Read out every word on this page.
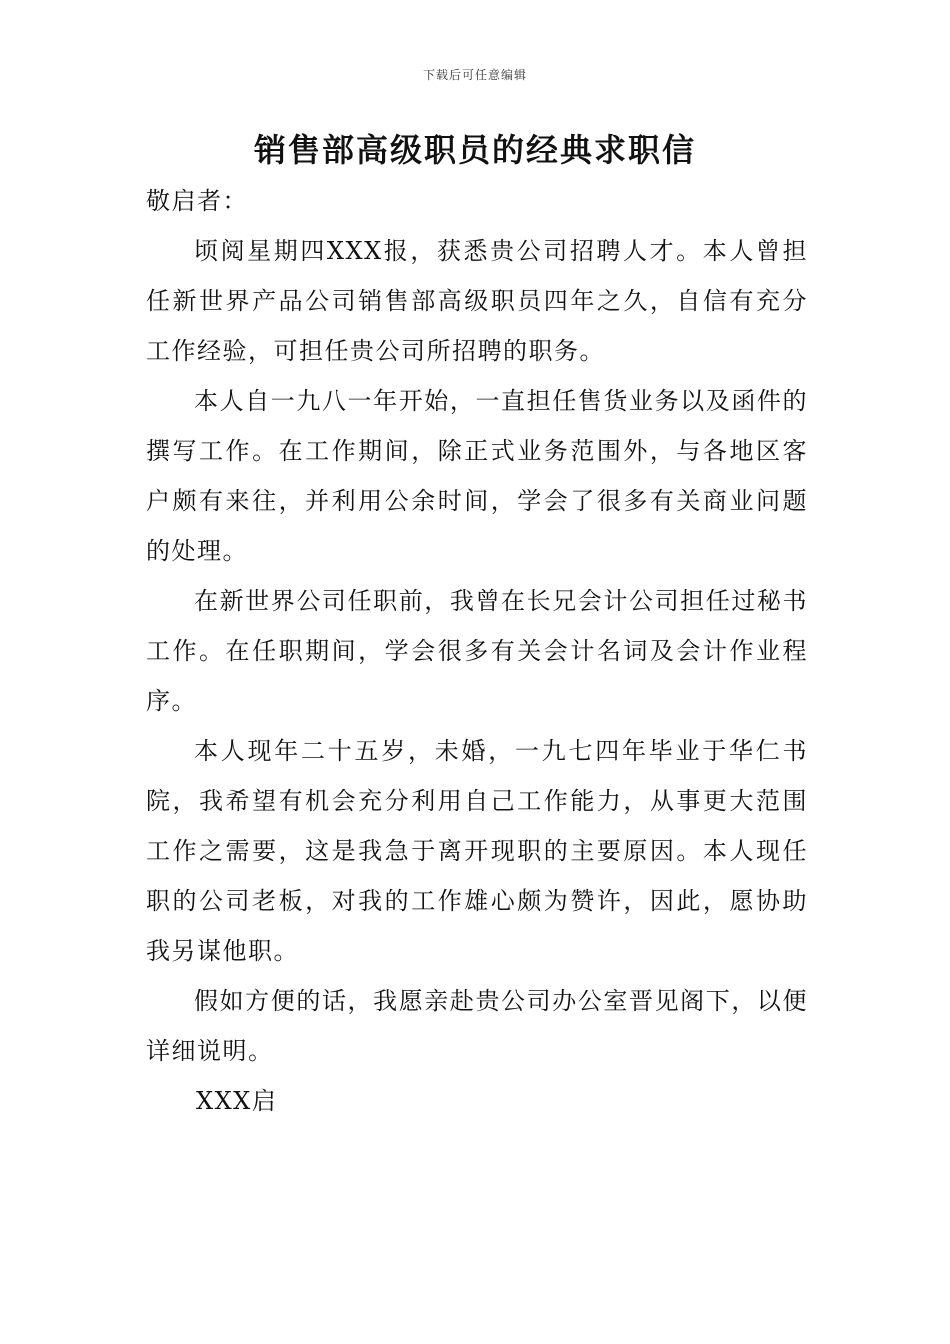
下载后可任意编辑
销售部高级职员的经典求职信

敬启者：

顷阅星期四XXX报，获悉贵公司招聘人才。本人曾担任新世界产品公司销售部高级职员四年之久，自信有充分工作经验，可担任贵公司所招聘的职务。

本人自一九八一年开始，一直担任售货业务以及函件的撰写工作。在工作期间，除正式业务范围外，与各地区客户颇有来往，并利用公余时间，学会了很多有关商业问题的处理。

在新世界公司任职前，我曾在长兄会计公司担任过秘书工作。在任职期间，学会很多有关会计名词及会计作业程序。

本人现年二十五岁，未婚，一九七四年毕业于华仁书院，我希望有机会充分利用自己工作能力，从事更大范围工作之需要，这是我急于离开现职的主要原因。本人现任职的公司老板，对我的工作雄心颇为赞许，因此，愿协助我另谋他职。

假如方便的话，我愿亲赴贵公司办公室晋见阁下，以便详细说明。

XXX启
